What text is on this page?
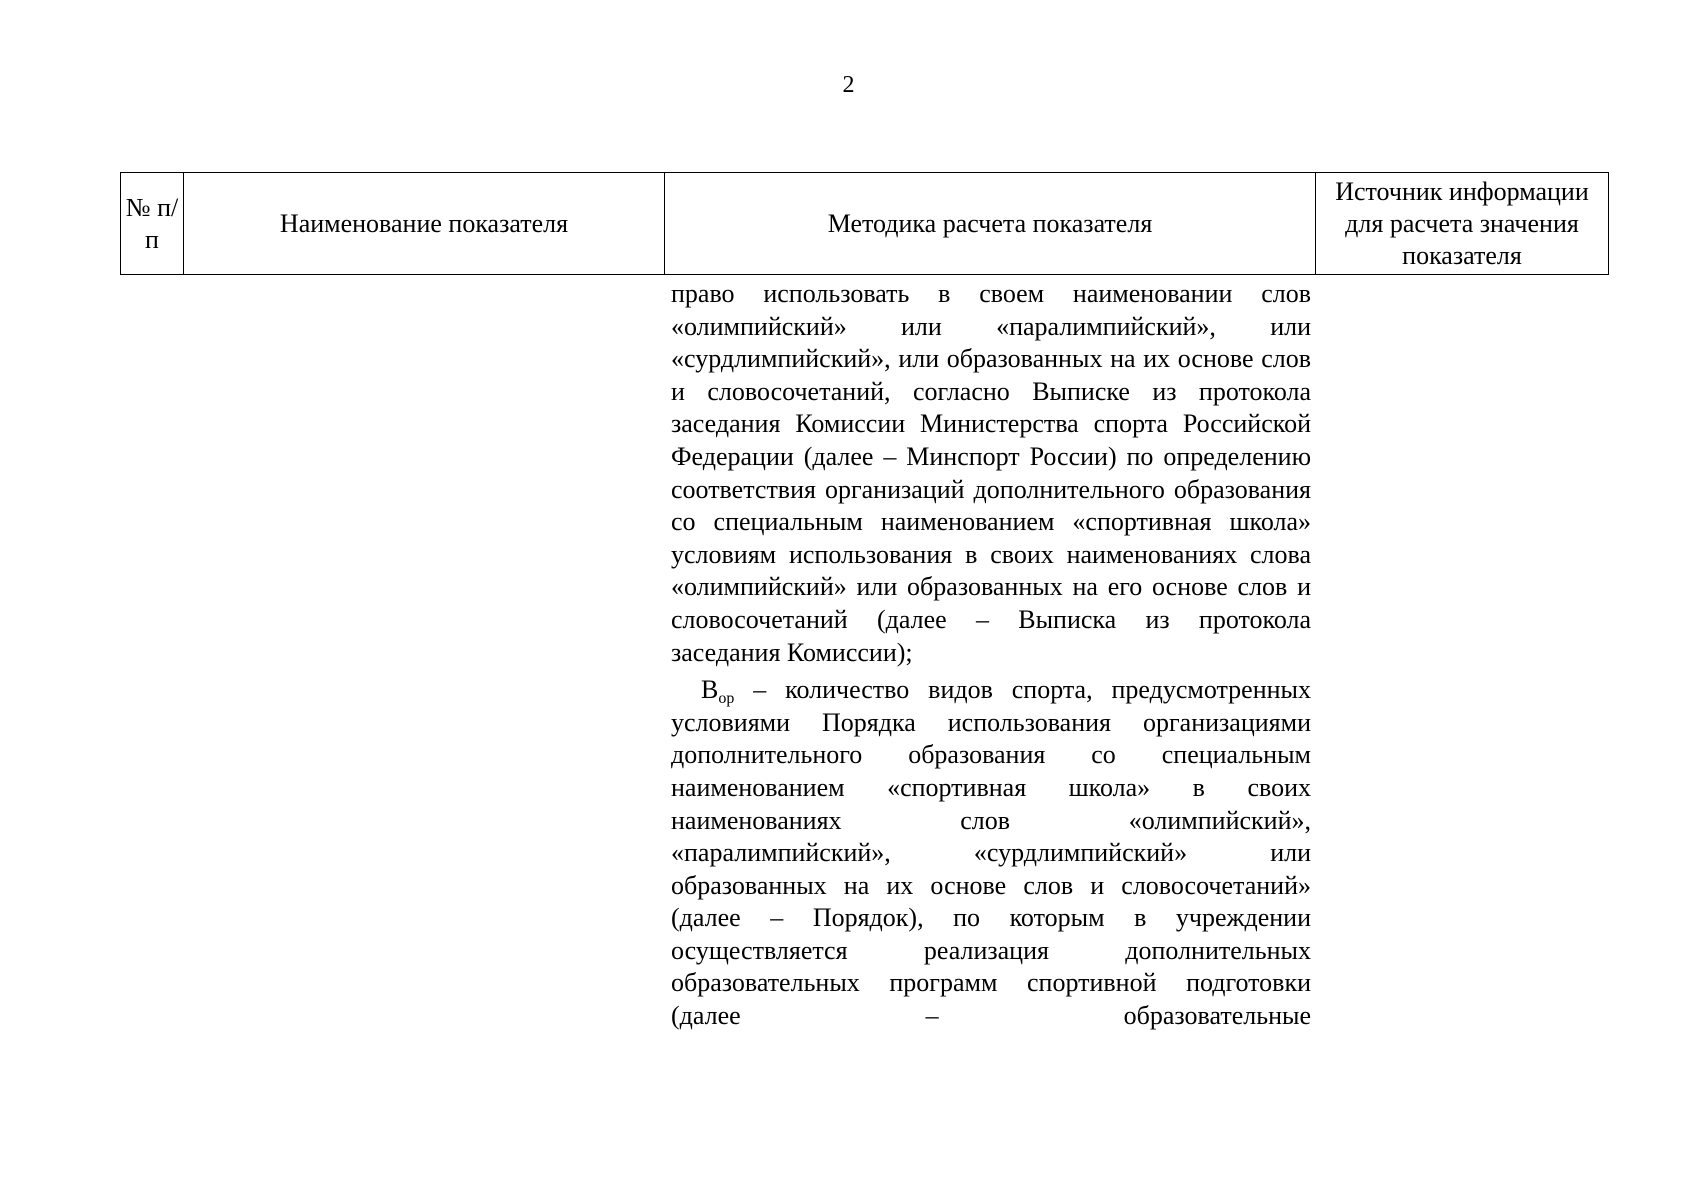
2
№ п/п	Наименование показателя	Методика расчета показателя	Источник информации для расчета значения показателя

право использовать в своем наименовании слов «олимпийский» или «паралимпийский», или «сурдлимпийский», или образованных на их основе слов и словосочетаний, согласно Выписке из протокола заседания Комиссии Министерства спорта Российской Федерации (далее – Минспорт России) по определению соответствия организаций дополнительного образования со специальным наименованием «спортивная школа» условиям использования в своих наименованиях слова «олимпийский» или образованных на его основе слов и словосочетаний (далее – Выписка из протокола заседания Комиссии);

$В_{ор}$ – количество видов спорта, предусмотренных условиями Порядка использования организациями дополнительного образования со специальным наименованием «спортивная школа» в своих наименованиях слов «олимпийский», «паралимпийский», «сурдлимпийский» или образованных на их основе слов и словосочетаний» (далее – Порядок), по которым в учреждении осуществляется реализация дополнительных образовательных программ спортивной подготовки (далее – образовательные
